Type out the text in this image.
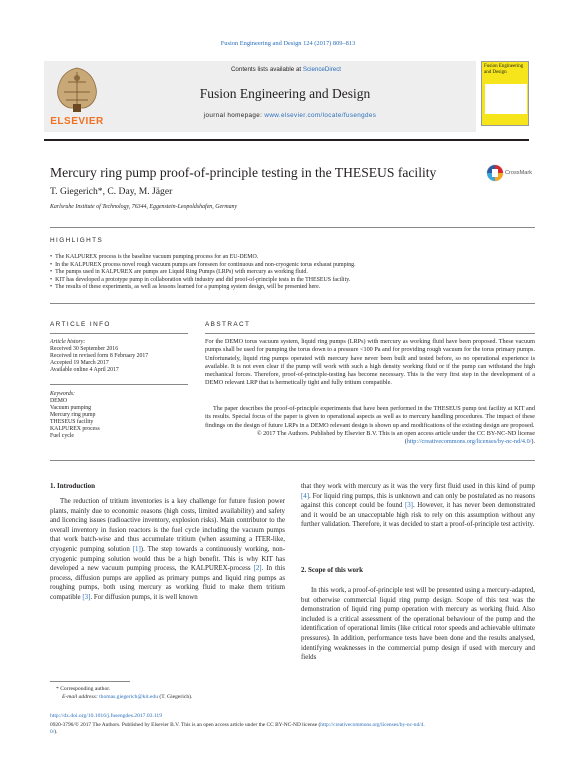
Fusion Engineering and Design 124 (2017) 809–813
ELSEVIER
Contents lists available at ScienceDirect
Fusion Engineering and Design
journal homepage: www.elsevier.com/locate/fusengdes
Fusion Engineering and Design
Mercury ring pump proof-of-principle testing in the THESEUS facility
T. Giegerich*, C. Day, M. Jäger
Karlsruhe Institute of Technology, 76344, Eggenstein-Leopoldshafen, Germany
CrossMark
HIGHLIGHTS
• The KALPUREX process is the baseline vacuum pumping process for an EU-DEMO.
• In the KALPUREX process novel rough vacuum pumps are foreseen for continuous and non-cryogenic torus exhaust pumping.
• The pumps used in KALPUREX are pumps are Liquid Ring Pumps (LRPs) with mercury as working fluid.
• KIT has developed a prototype pump in collaboration with industry and did proof-of-principle tests in the THESEUS facility.
• The results of these experiments, as well as lessons learned for a pumping system design, will be presented here.
ARTICLE INFO
Article history:
Received 30 September 2016
Received in revised form 8 February 2017
Accepted 19 March 2017
Available online 4 April 2017
Keywords:
DEMO
Vacuum pumping
Mercury ring pump
THESEUS facility
KALPUREX process
Fuel cycle
ABSTRACT
For the DEMO torus vacuum system, liquid ring pumps (LRPs) with mercury as working fluid have been proposed. These vacuum pumps shall be used for pumping the torus down to a pressure <100 Pa and for providing rough vacuum for the torus primary pumps. Unfortunately, liquid ring pumps operated with mercury have never been built and tested before, so no operational experience is available. It is not even clear if the pump will work with such a high density working fluid or if the pump can withstand the high mechanical forces. Therefore, proof-of-principle-testing has become necessary. This is the very first step in the development of a DEMO relevant LRP that is hermetically tight and fully tritium compatible.
The paper describes the proof-of-principle experiments that have been performed in the THESEUS pump test facility at KIT and its results. Special focus of the paper is given to operational aspects as well as to mercury handling procedures. The impact of these findings on the design of future LRPs in a DEMO relevant design is shown up and modifications of the existing design are proposed.
© 2017 The Authors. Published by Elsevier B.V. This is an open access article under the CC BY-NC-ND license (http://creativecommons.org/licenses/by-nc-nd/4.0/).
1. Introduction
The reduction of tritium inventories is a key challenge for future fusion power plants, mainly due to economic reasons (high costs, limited availability) and safety and licencing issues (radioactive inventory, explosion risks). Main contributor to the overall inventory in fusion reactors is the fuel cycle including the vacuum pumps that work batch-wise and thus accumulate tritium (when assuming a ITER-like, cryogenic pumping solution [1]). The step towards a continuously working, non-cryogenic pumping solution would thus be a high benefit. This is why KIT has developed a new vacuum pumping process, the KALPUREX-process [2]. In this process, diffusion pumps are applied as primary pumps and liquid ring pumps as roughing pumps, both using mercury as working fluid to make them tritium compatible [3]. For diffusion pumps, it is well known
that they work with mercury as it was the very first fluid used in this kind of pump [4]. For liquid ring pumps, this is unknown and can only be postulated as no reasons against this concept could be found [3]. However, it has never been demonstrated and it would be an unacceptable high risk to rely on this assumption without any further validation. Therefore, it was decided to start a proof-of-principle test activity.
2. Scope of this work
In this work, a proof-of-principle test will be presented using a mercury-adapted, but otherwise commercial liquid ring pump design. Scope of this test was the demonstration of liquid ring pump operation with mercury as working fluid. Also included is a critical assessment of the operational behaviour of the pump and the identification of operational limits (like critical rotor speeds and achievable ultimate pressures). In addition, performance tests have been done and the results analysed, identifying weaknesses in the commercial pump design if used with mercury and fields
* Corresponding author.
E-mail address: thomas.giegerich@kit.edu (T. Giegerich).
http://dx.doi.org/10.1016/j.fusengdes.2017.03.119
0920-3796/© 2017 The Authors. Published by Elsevier B.V. This is an open access article under the CC BY-NC-ND license (http://creativecommons.org/licenses/by-nc-nd/4.
0/).
